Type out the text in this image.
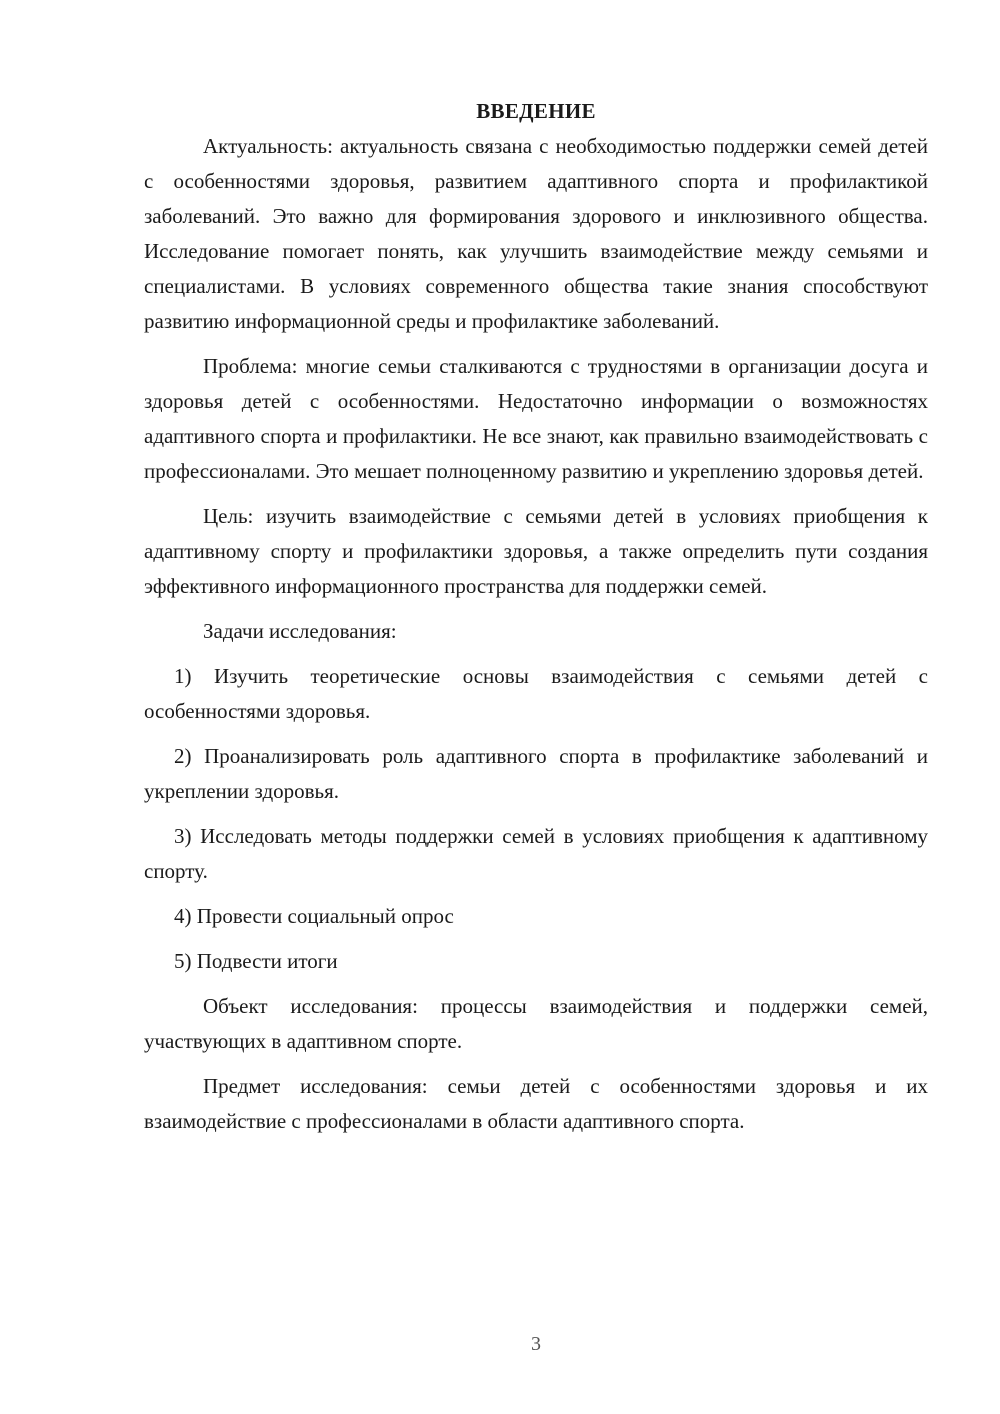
ВВЕДЕНИЕ

Актуальность: актуальность связана с необходимостью поддержки семей детей с особенностями здоровья, развитием адаптивного спорта и профилактикой заболеваний. Это важно для формирования здорового и инклюзивного общества. Исследование помогает понять, как улучшить взаимодействие между семьями и специалистами. В условиях современного общества такие знания способствуют развитию информационной среды и профилактике заболеваний.

Проблема: многие семьи сталкиваются с трудностями в организации досуга и здоровья детей с особенностями. Недостаточно информации о возможностях адаптивного спорта и профилактики. Не все знают, как правильно взаимодействовать с профессионалами. Это мешает полноценному развитию и укреплению здоровья детей.

Цель: изучить взаимодействие с семьями детей в условиях приобщения к адаптивному спорту и профилактики здоровья, а также определить пути создания эффективного информационного пространства для поддержки семей.

Задачи исследования:

1) Изучить теоретические основы взаимодействия с семьями детей с особенностями здоровья.

2) Проанализировать роль адаптивного спорта в профилактике заболеваний и укреплении здоровья.

3) Исследовать методы поддержки семей в условиях приобщения к адаптивному спорту.

4) Провести социальный опрос

5) Подвести итоги

Объект исследования: процессы взаимодействия и поддержки семей, участвующих в адаптивном спорте.

Предмет исследования: семьи детей с особенностями здоровья и их взаимодействие с профессионалами в области адаптивного спорта.

3
